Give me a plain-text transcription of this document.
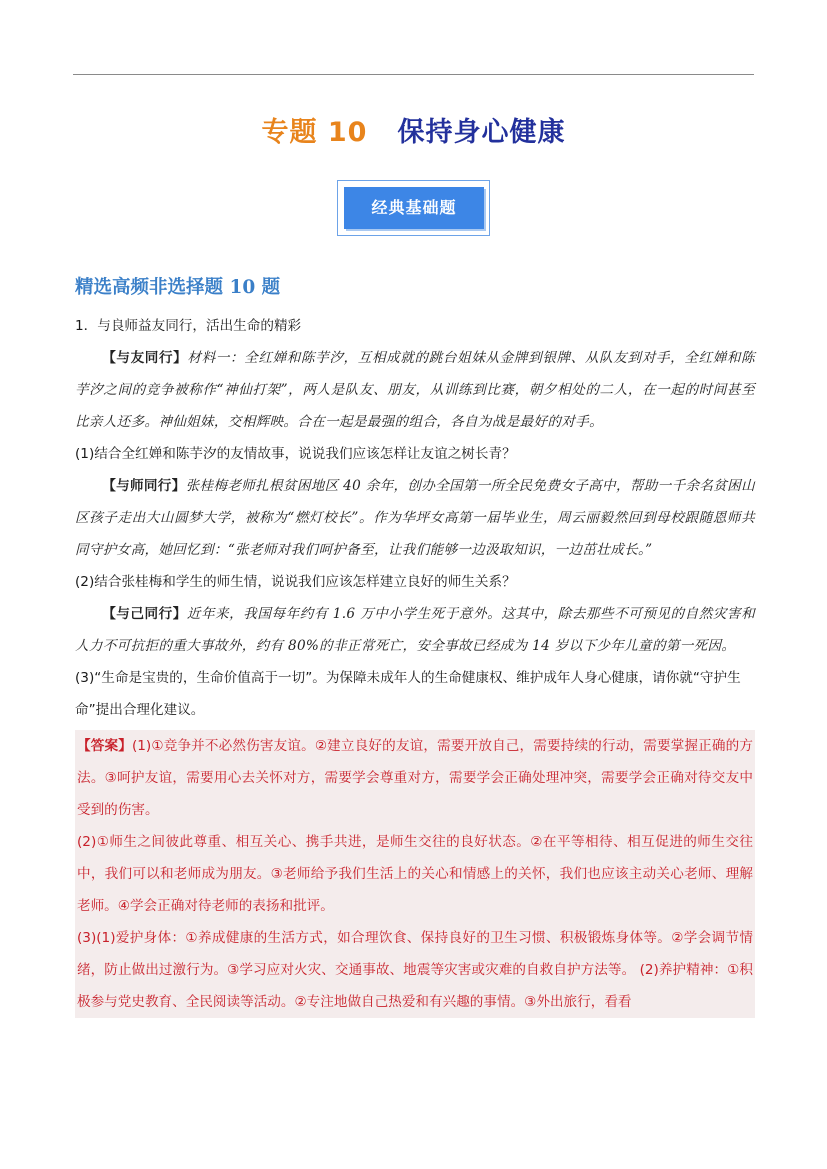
专题 10 保持身心健康
经典基础题
精选高频非选择题 10 题

1．与良师益友同行，活出生命的精彩

【与友同行】材料一：全红婵和陈芋汐，互相成就的跳台姐妹从金牌到银牌、从队友到对手，全红婵和陈芋汐之间的竞争被称作“神仙打架”，两人是队友、朋友，从训练到比赛，朝夕相处的二人，在一起的时间甚至比亲人还多。神仙姐妹，交相辉映。合在一起是最强的组合，各自为战是最好的对手。

(1)结合全红婵和陈芋汐的友情故事，说说我们应该怎样让友谊之树长青？

【与师同行】张桂梅老师扎根贫困地区 40 余年，创办全国第一所全民免费女子高中，帮助一千余名贫困山区孩子走出大山圆梦大学，被称为“燃灯校长”。作为华坪女高第一届毕业生，周云丽毅然回到母校跟随恩师共同守护女高，她回忆到：“张老师对我们呵护备至，让我们能够一边汲取知识，一边茁壮成长。”

(2)结合张桂梅和学生的师生情，说说我们应该怎样建立良好的师生关系？

【与己同行】近年来，我国每年约有 1.6 万中小学生死于意外。这其中，除去那些不可预见的自然灾害和人力不可抗拒的重大事故外，约有 80%的非正常死亡，安全事故已经成为 14 岁以下少年儿童的第一死因。

(3)“生命是宝贵的，生命价值高于一切”。为保障未成年人的生命健康权、维护成年人身心健康，请你就“守护生命”提出合理化建议。

【答案】(1)①竞争并不必然伤害友谊。②建立良好的友谊，需要开放自己，需要持续的行动，需要掌握正确的方法。③呵护友谊，需要用心去关怀对方，需要学会尊重对方，需要学会正确处理冲突，需要学会正确对待交友中受到的伤害。

(2)①师生之间彼此尊重、相互关心、携手共进，是师生交往的良好状态。②在平等相待、相互促进的师生交往中，我们可以和老师成为朋友。③老师给予我们生活上的关心和情感上的关怀，我们也应该主动关心老师、理解老师。④学会正确对待老师的表扬和批评。

(3)(1)爱护身体：①养成健康的生活方式，如合理饮食、保持良好的卫生习惯、积极锻炼身体等。②学会调节情绪，防止做出过激行为。③学习应对火灾、交通事故、地震等灾害或灾难的自救自护方法等。 (2)养护精神：①积极参与党史教育、全民阅读等活动。②专注地做自己热爱和有兴趣的事情。③外出旅行，看看
